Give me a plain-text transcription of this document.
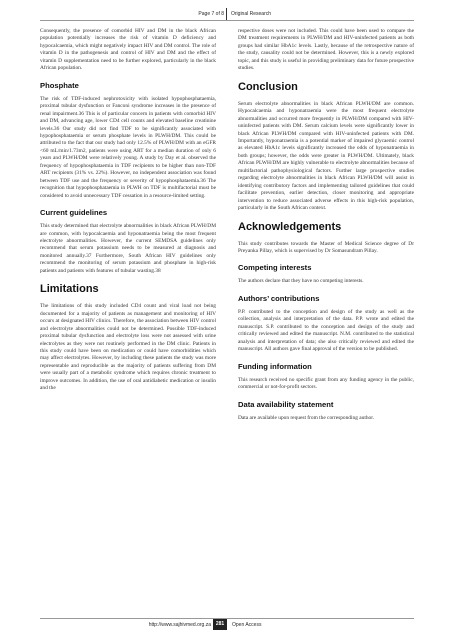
Page 7 of 8 Original Research

Consequently, the presence of comorbid HIV and DM in the black African population potentially increases the risk of vitamin D deficiency and hypocalcaemia, which might negatively impact HIV and DM control. The role of vitamin D in the pathogenesis and control of HIV and DM and the effect of vitamin D supplementation need to be further explored, particularly in the black African population.

Phosphate

The risk of TDF-induced nephrotoxicity with isolated hypophosphataemia, proximal tubular dysfunction or Fanconi syndrome increases in the presence of renal impairment.36 This is of particular concern in patients with comorbid HIV and DM, advancing age, lower CD4 cell counts and elevated baseline creatinine levels.36 Our study did not find TDF to be significantly associated with hypophosphataemia or serum phosphate levels in PLWH/DM. This could be attributed to the fact that our study had only 12.5% of PLWH/DM with an eGFR <60 mL/min/1.73m2, patients were using ART for a median duration of only 6 years and PLWH/DM were relatively young. A study by Day et al. observed the frequency of hypophosphataemia in TDF recipients to be higher than non-TDF ART recipients (31% vs. 22%). However, no independent association was found between TDF use and the frequency or severity of hypophosphataemia.36 The recognition that hypophosphataemia in PLWH on TDF is multifactorial must be considered to avoid unnecessary TDF cessation in a resource-limited setting.

Current guidelines

This study determined that electrolyte abnormalities in black African PLWH/DM are common, with hypocalcaemia and hyponatraemia being the most frequent electrolyte abnormalities. However, the current SEMDSA guidelines only recommend that serum potassium needs to be measured at diagnosis and monitored annually.37 Furthermore, South African HIV guidelines only recommend the monitoring of serum potassium and phosphate in high-risk patients and patients with features of tubular wasting.38

Limitations

The limitations of this study included CD4 count and viral load not being documented for a majority of patients as management and monitoring of HIV occurs at designated HIV clinics. Therefore, the association between HIV control and electrolyte abnormalities could not be determined. Possible TDF-induced proximal tubular dysfunction and electrolyte loss were not assessed with urine electrolytes as they were not routinely performed in the DM clinic. Patients in this study could have been on medication or could have comorbidities which may affect electrolytes. However, by including these patients the study was more representable and reproducible as the majority of patients suffering from DM were usually part of a metabolic syndrome which requires chronic treatment to improve outcomes. In addition, the use of oral antidiabetic medication or insulin and the

respective doses were not included. This could have been used to compare the DM treatment requirements in PLWH/DM and HIV-uninfected patients as both groups had similar HbA1c levels. Lastly, because of the retrospective nature of the study, causality could not be determined. However, this is a newly explored topic, and this study is useful in providing preliminary data for future prospective studies.

Conclusion

Serum electrolyte abnormalities in black African PLWH/DM are common. Hypocalcaemia and hyponatraemia were the most frequent electrolyte abnormalities and occurred more frequently in PLWH/DM compared with HIV-uninfected patients with DM. Serum calcium levels were significantly lower in black African PLWH/DM compared with HIV-uninfected patients with DM. Importantly, hyponatraemia is a potential marker of impaired glycaemic control as elevated HbA1c levels significantly increased the odds of hyponatraemia in both groups; however, the odds were greater in PLWH/DM. Ultimately, black African PLWH/DM are highly vulnerable to electrolyte abnormalities because of multifactorial pathophysiological factors. Further large prospective studies regarding electrolyte abnormalities in black African PLWH/DM will assist in identifying contributory factors and implementing tailored guidelines that could facilitate prevention, earlier detection, closer monitoring and appropriate intervention to reduce associated adverse effects in this high-risk population, particularly in the South African context.

Acknowledgements

This study contributes towards the Master of Medical Science degree of Dr Preyanka Pillay, which is supervised by Dr Somasundram Pillay.

Competing interests

The authors declare that they have no competing interests.

Authors’ contributions

P.P. contributed to the conception and design of the study as well as the collection, analysis and interpretation of the data. P.P. wrote and edited the manuscript. S.P. contributed to the conception and design of the study and critically reviewed and edited the manuscript. N.M. contributed to the statistical analysis and interpretation of data; she also critically reviewed and edited the manuscript. All authors gave final approval of the version to be published.

Funding information

This research received no specific grant from any funding agency in the public, commercial or not-for-profit sectors.

Data availability statement

Data are available upon request from the corresponding author.

http://www.sajhivmed.org.za 281	Open Access
